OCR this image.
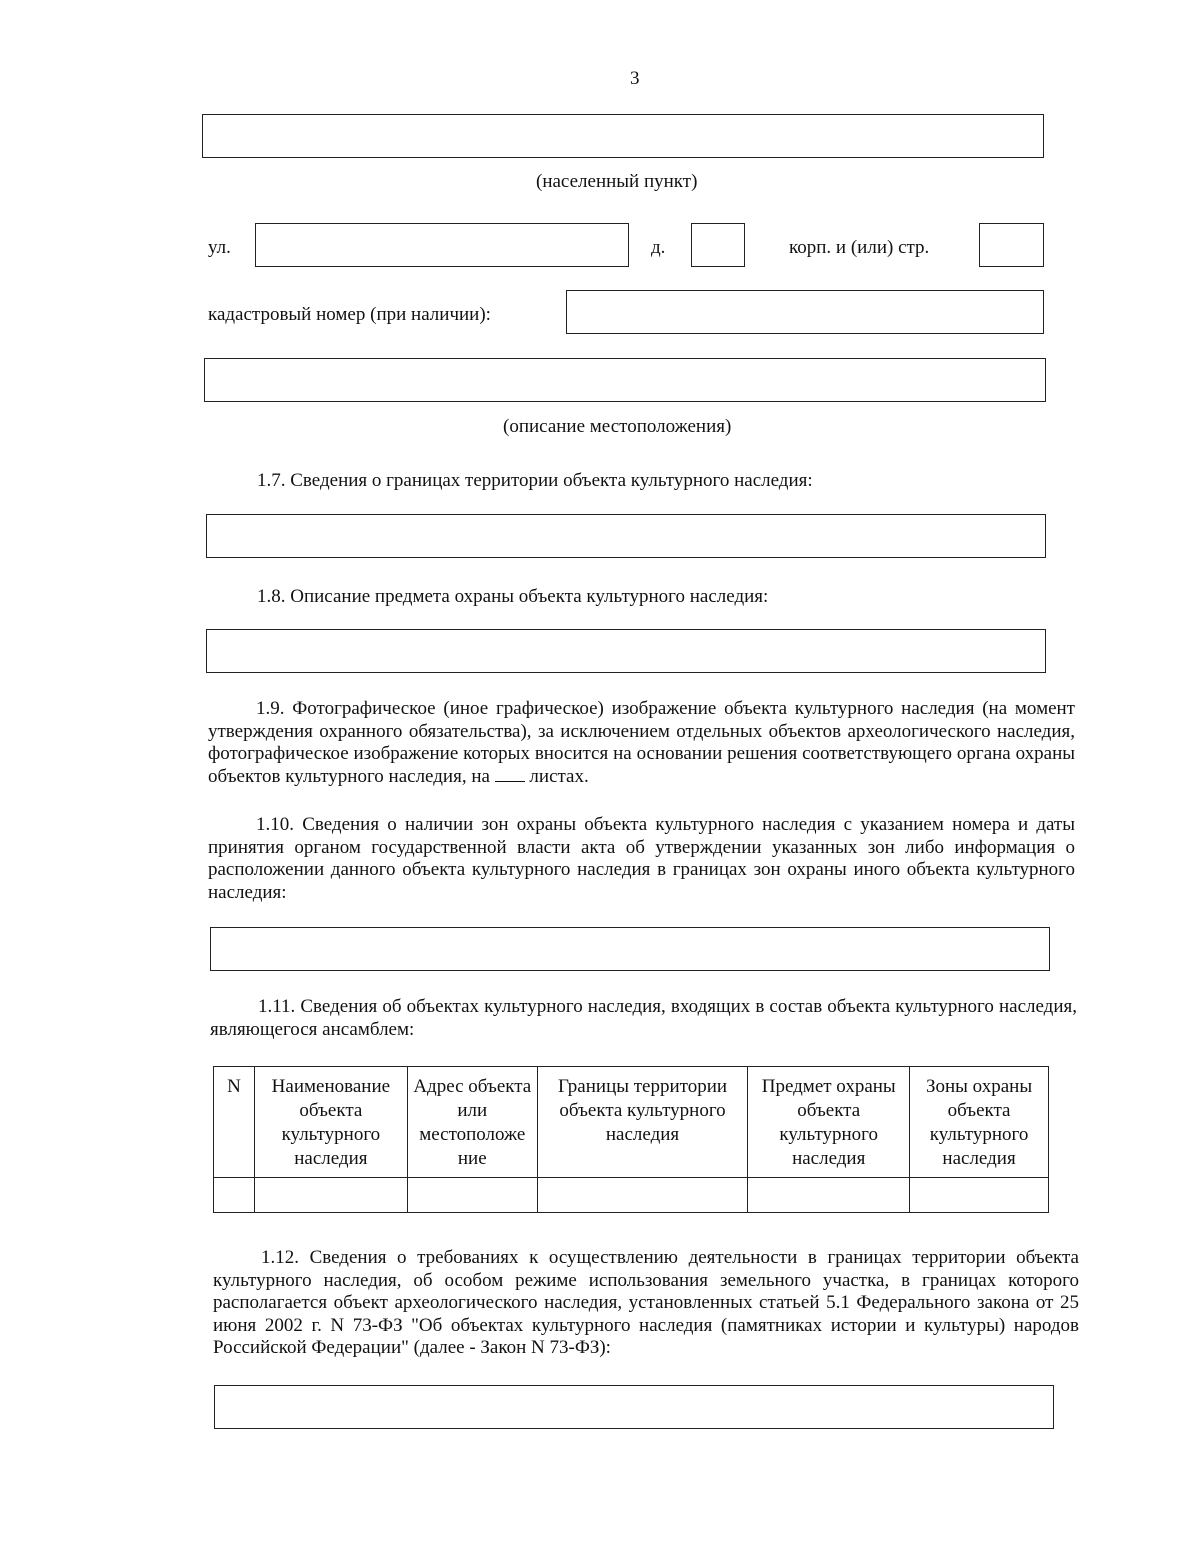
3
(населенный пункт)
ул.	д.	корп. и (или) стр.
кадастровый номер (при наличии):
(описание местоположения)
1.7. Сведения о границах территории объекта культурного наследия:
1.8. Описание предмета охраны объекта культурного наследия:
1.9. Фотографическое (иное графическое) изображение объекта культурного наследия (на момент утверждения охранного обязательства), за исключением отдельных объектов археологического наследия, фотографическое изображение которых вносится на основании решения соответствующего органа охраны объектов культурного наследия, на листах.
1.10. Сведения о наличии зон охраны объекта культурного наследия с указанием номера и даты принятия органом государственной власти акта об утверждении указанных зон либо информация о расположении данного объекта культурного наследия в границах зон охраны иного объекта культурного наследия:
1.11. Сведения об объектах культурного наследия, входящих в состав объекта культурного наследия, являющегося ансамблем:
N	Наименование объекта культурного наследия	Адрес объекта или местоположе ние	Границы территории объекта культурного наследия	Предмет охраны объекта культурного наследия	Зоны охраны объекта культурного наследия

1.12. Сведения о требованиях к осуществлению деятельности в границах территории объекта культурного наследия, об особом режиме использования земельного участка, в границах которого располагается объект археологического наследия, установленных статьей 5.1 Федерального закона от 25 июня 2002 г. N 73-ФЗ "Об объектах культурного наследия (памятниках истории и культуры) народов Российской Федерации" (далее - Закон N 73-ФЗ):
